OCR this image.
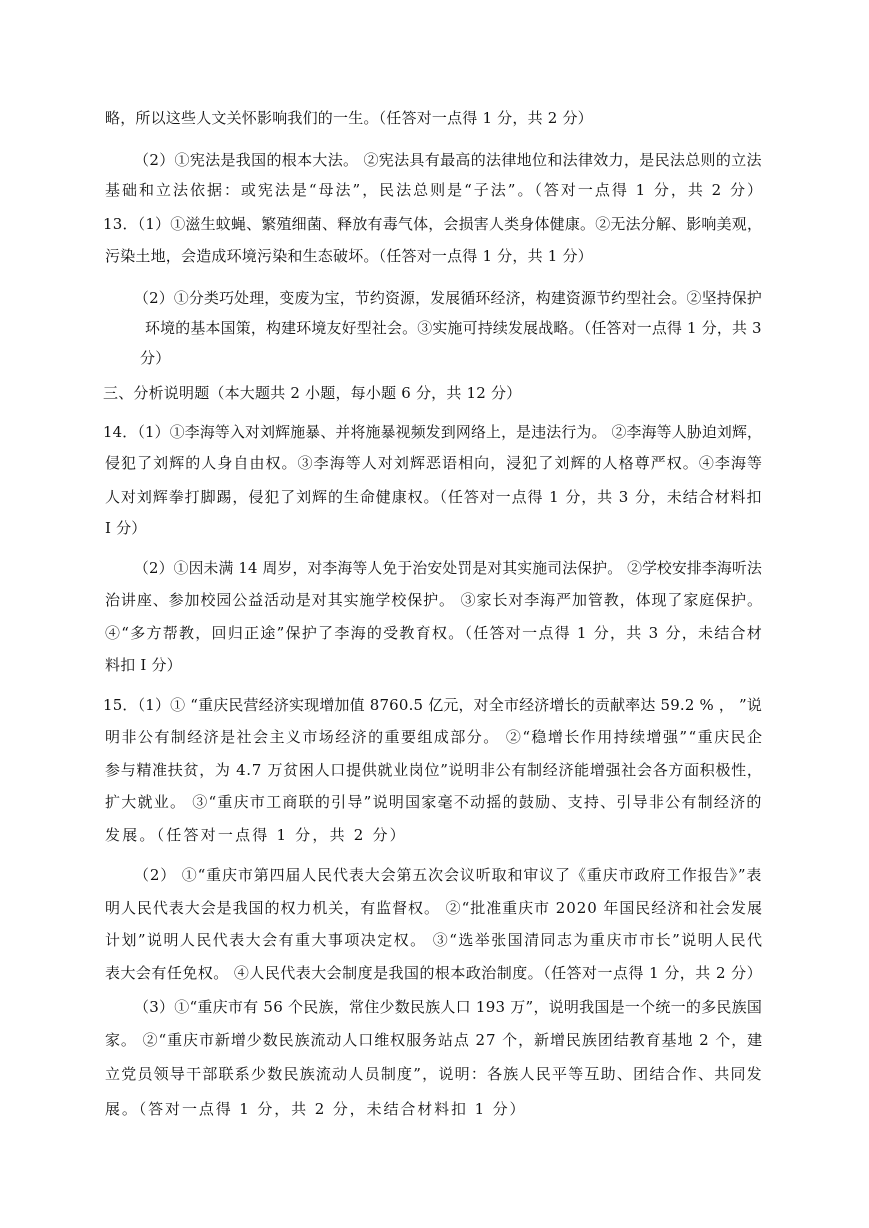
略，所以这些人文关怀影响我们的一生。（任答对一点得 1 分，共 2 分）
（2）①宪法是我国的根本大法。 ②宪法具有最高的法律地位和法律效力，是民法总则的立法
基础和立法依据：或宪法是“母法”，民法总则是“子法”。（答对一点得 1 分，共 2 分）
13．（1）①滋生蚊蝇、繁殖细菌、释放有毒气体，会损害人类身体健康。②无法分解、影响美观，
污染土地，会造成环境污染和生态破坏。（任答对一点得 1 分，共 1 分）
（2）①分类巧处理，变废为宝，节约资源，发展循环经济，构建资源节约型社会。②坚持保护
环境的基本国策，构建环境友好型社会。③实施可持续发展战略。（任答对一点得 1 分，共 3
分）
三、分析说明题（本大题共 2 小题，每小题 6 分，共 12 分）
14．（1）①李海等入对刘辉施暴、并将施暴视频发到网络上，是违法行为。 ②李海等人胁迫刘辉，
侵犯了刘辉的人身自由权。③李海等人对刘辉恶语相向，浸犯了刘辉的人格尊严权。④李海等
人对刘辉拳打脚踢，侵犯了刘辉的生命健康权。（任答对一点得 1 分，共 3 分，未结合材料扣
I 分）
（2）①因未满 14 周岁，对李海等人免于治安处罚是对其实施司法保护。 ②学校安排李海听法
治讲座、参加校园公益活动是对其实施学校保护。 ③家长对李海严加管教，体现了家庭保护。
④“多方帮教，回归正途”保护了李海的受教育权。（任答对一点得 1 分，共 3 分，未结合材
料扣 I 分）
15．（1）① “重庆民营经济实现增加值 8760.5 亿元，对全市经济增长的贡献率达 59.2 % ， ”说
明非公有制经济是社会主义市场经济的重要组成部分。 ②“稳增长作用持续增强”“重庆民企
参与精准扶贫，为 4.7 万贫困人口提供就业岗位”说明非公有制经济能增强社会各方面积极性，
扩大就业。 ③“重庆市工商联的引导”说明国家毫不动摇的鼓励、支持、引导非公有制经济的
发展。（任答对一点得 1 分，共 2 分）
（2） ①“重庆市第四届人民代表大会第五次会议听取和审议了《重庆市政府工作报告》”表
明人民代表大会是我国的权力机关，有监督权。 ②“批准重庆市 2020 年国民经济和社会发展
计划”说明人民代表大会有重大事项决定权。 ③“选举张国清同志为重庆市市长”说明人民代
表大会有任免权。 ④人民代表大会制度是我国的根本政治制度。（任答对一点得 1 分，共 2 分）
（3）①“重庆市有 56 个民族，常住少数民族人口 193 万”，说明我国是一个统一的多民族国
家。 ②“重庆市新增少数民族流动人口维权服务站点 27 个，新增民族团结教育基地 2 个，建
立党员领导干部联系少数民族流动人员制度”，说明：各族人民平等互助、团结合作、共同发
展。（答对一点得 1 分，共 2 分，未结合材料扣 1 分）
